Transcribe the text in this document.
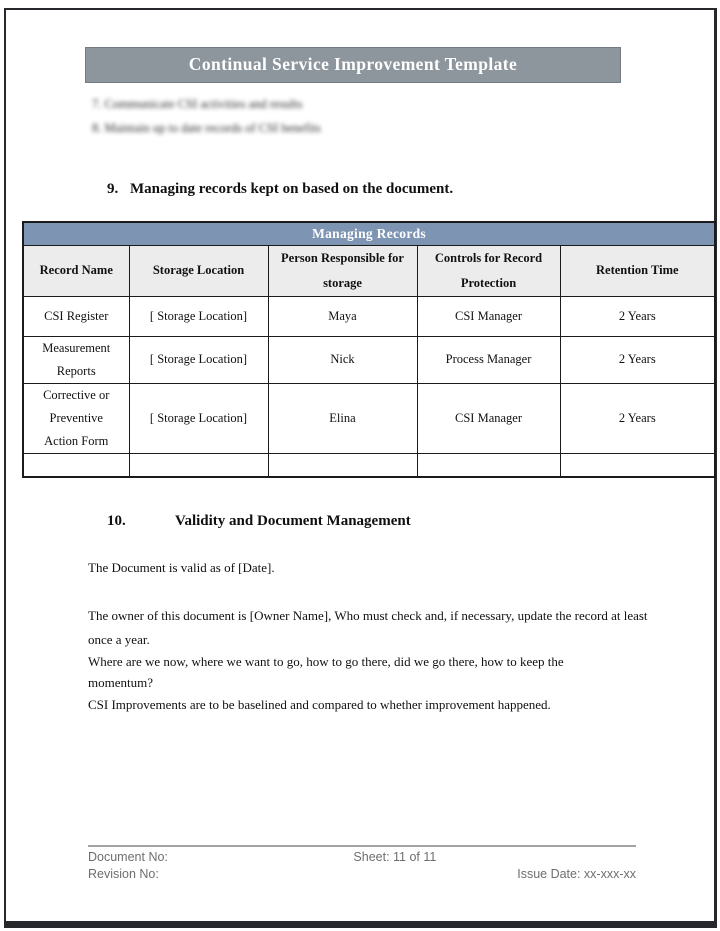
Continual Service Improvement Template
7. Communicate CSI activities and results
8. Maintain up to date records of CSI benefits
9. Managing records kept on based on the document.
Managing Records				
Record Name	Storage Location	Person Responsible for storage	Controls for Record Protection	Retention Time
CSI Register	[ Storage Location]	Maya	CSI Manager	2 Years
Measurement Reports	[ Storage Location]	Nick	Process Manager	2 Years
Corrective or Preventive Action Form	[ Storage Location]	Elina	CSI Manager	2 Years

10.	Validity and Document Management

The Document is valid as of [Date].

The owner of this document is [Owner Name], Who must check and, if necessary, update the record at least once a year.

Where are we now, where we want to go, how to go there, did we go there, how to keep the momentum?

CSI Improvements are to be baselined and compared to whether improvement happened.

Document No:	Sheet: 11 of 11
Revision No:	Issue Date: xx-xxx-xx
